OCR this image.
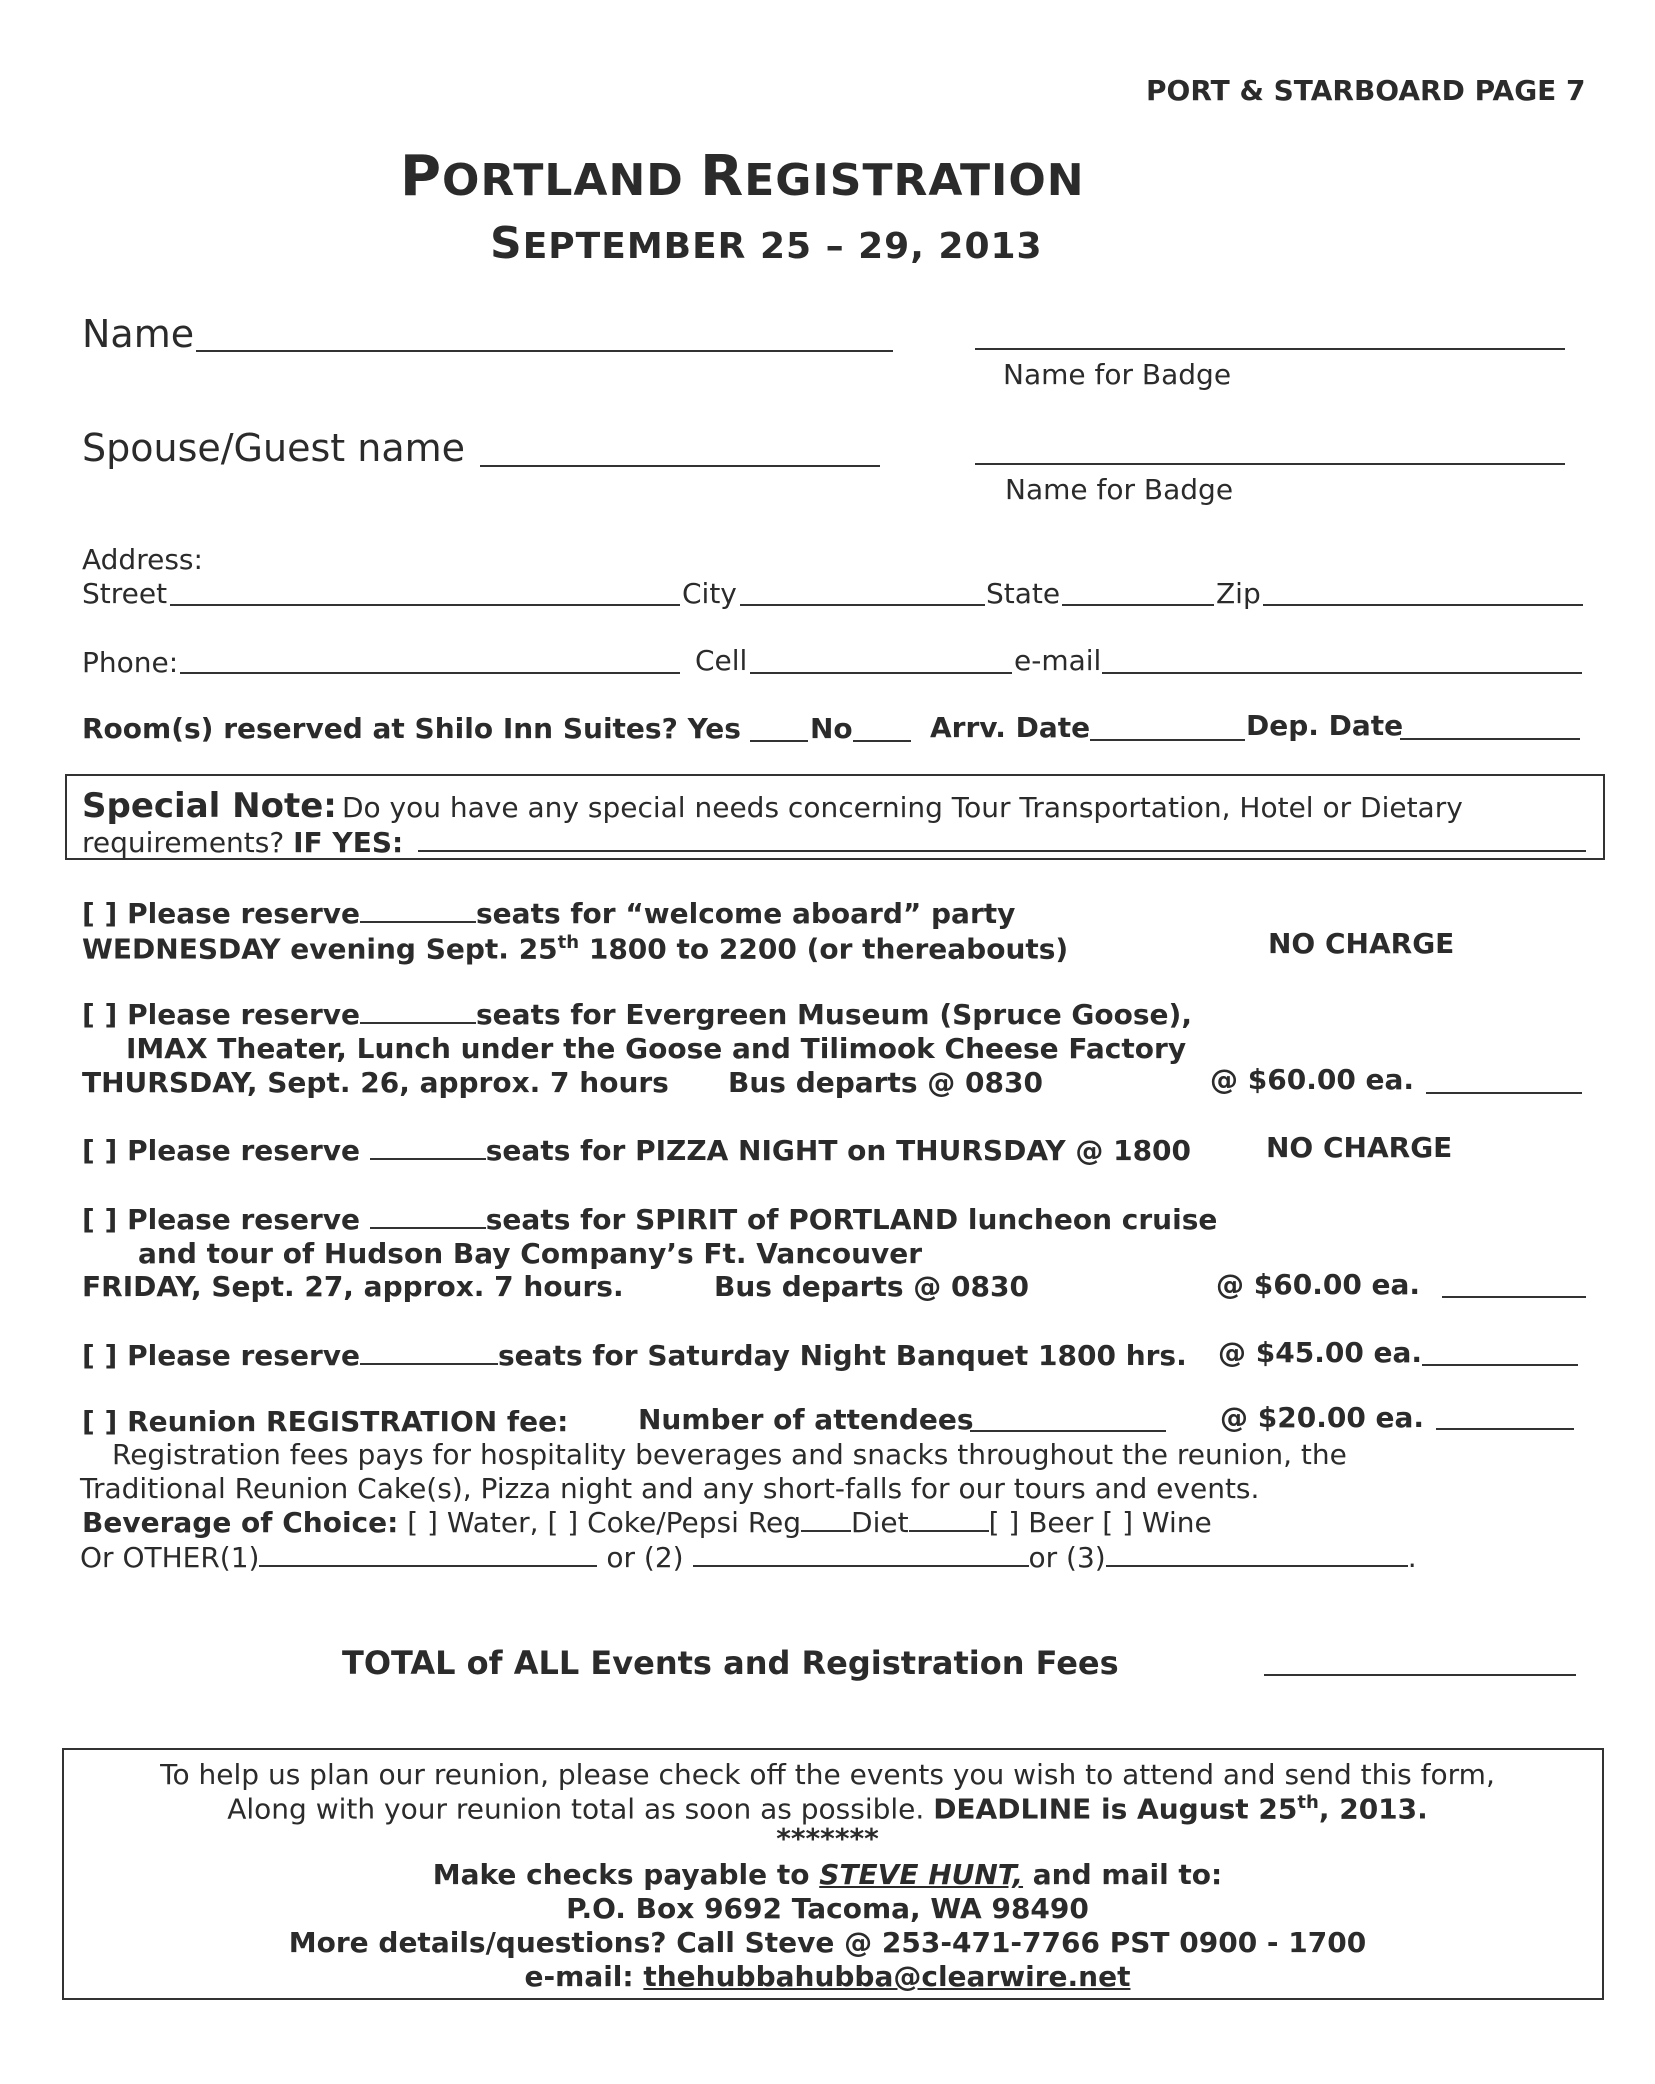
PORT & STARBOARD PAGE 7
PORTLAND REGISTRATION
SEPTEMBER 25 – 29, 2013
Name
Name for Badge
Spouse/Guest name
Name for Badge
Address:
Street	City	State	Zip
Phone:	Cell	e-mail
Room(s) reserved at Shilo Inn Suites? Yes No	Arrv. Date	Dep. Date
Special Note: Do you have any special needs concerning Tour Transportation, Hotel or Dietary
requirements? IF YES:
[ ] Please reserve	seats for “welcome aboard” party
WEDNESDAY evening Sept. 25th 1800 to 2200 (or thereabouts)	NO CHARGE
[ ] Please reserve	seats for Evergreen Museum (Spruce Goose),
IMAX Theater, Lunch under the Goose and Tilimook Cheese Factory
THURSDAY, Sept. 26, approx. 7 hours Bus departs @ 0830	@ $60.00 ea.
[ ] Please reserve	seats for PIZZA NIGHT on THURSDAY @ 1800	NO CHARGE
[ ] Please reserve	seats for SPIRIT of PORTLAND luncheon cruise
and tour of Hudson Bay Company’s Ft. Vancouver
FRIDAY, Sept. 27, approx. 7 hours.	Bus departs @ 0830	@ $60.00 ea.
[ ] Please reserve	seats for Saturday Night Banquet 1800 hrs. @ $45.00 ea.
[ ] Reunion REGISTRATION fee: Number of attendees	@ $20.00 ea.
Registration fees pays for hospitality beverages and snacks throughout the reunion, the
Traditional Reunion Cake(s), Pizza night and any short-falls for our tours and events.
Beverage of Choice: [ ] Water, [ ] Coke/Pepsi Reg Diet	[ ] Beer [ ] Wine
Or OTHER(1)	or (2)	or (3)	.
TOTAL of ALL Events and Registration Fees
To help us plan our reunion, please check off the events you wish to attend and send this form,
Along with your reunion total as soon as possible. DEADLINE is August 25th, 2013.
*******
Make checks payable to STEVE HUNT, and mail to:
P.O. Box 9692 Tacoma, WA 98490
More details/questions? Call Steve @ 253-471-7766 PST 0900 - 1700
e-mail: thehubbahubba@clearwire.net
